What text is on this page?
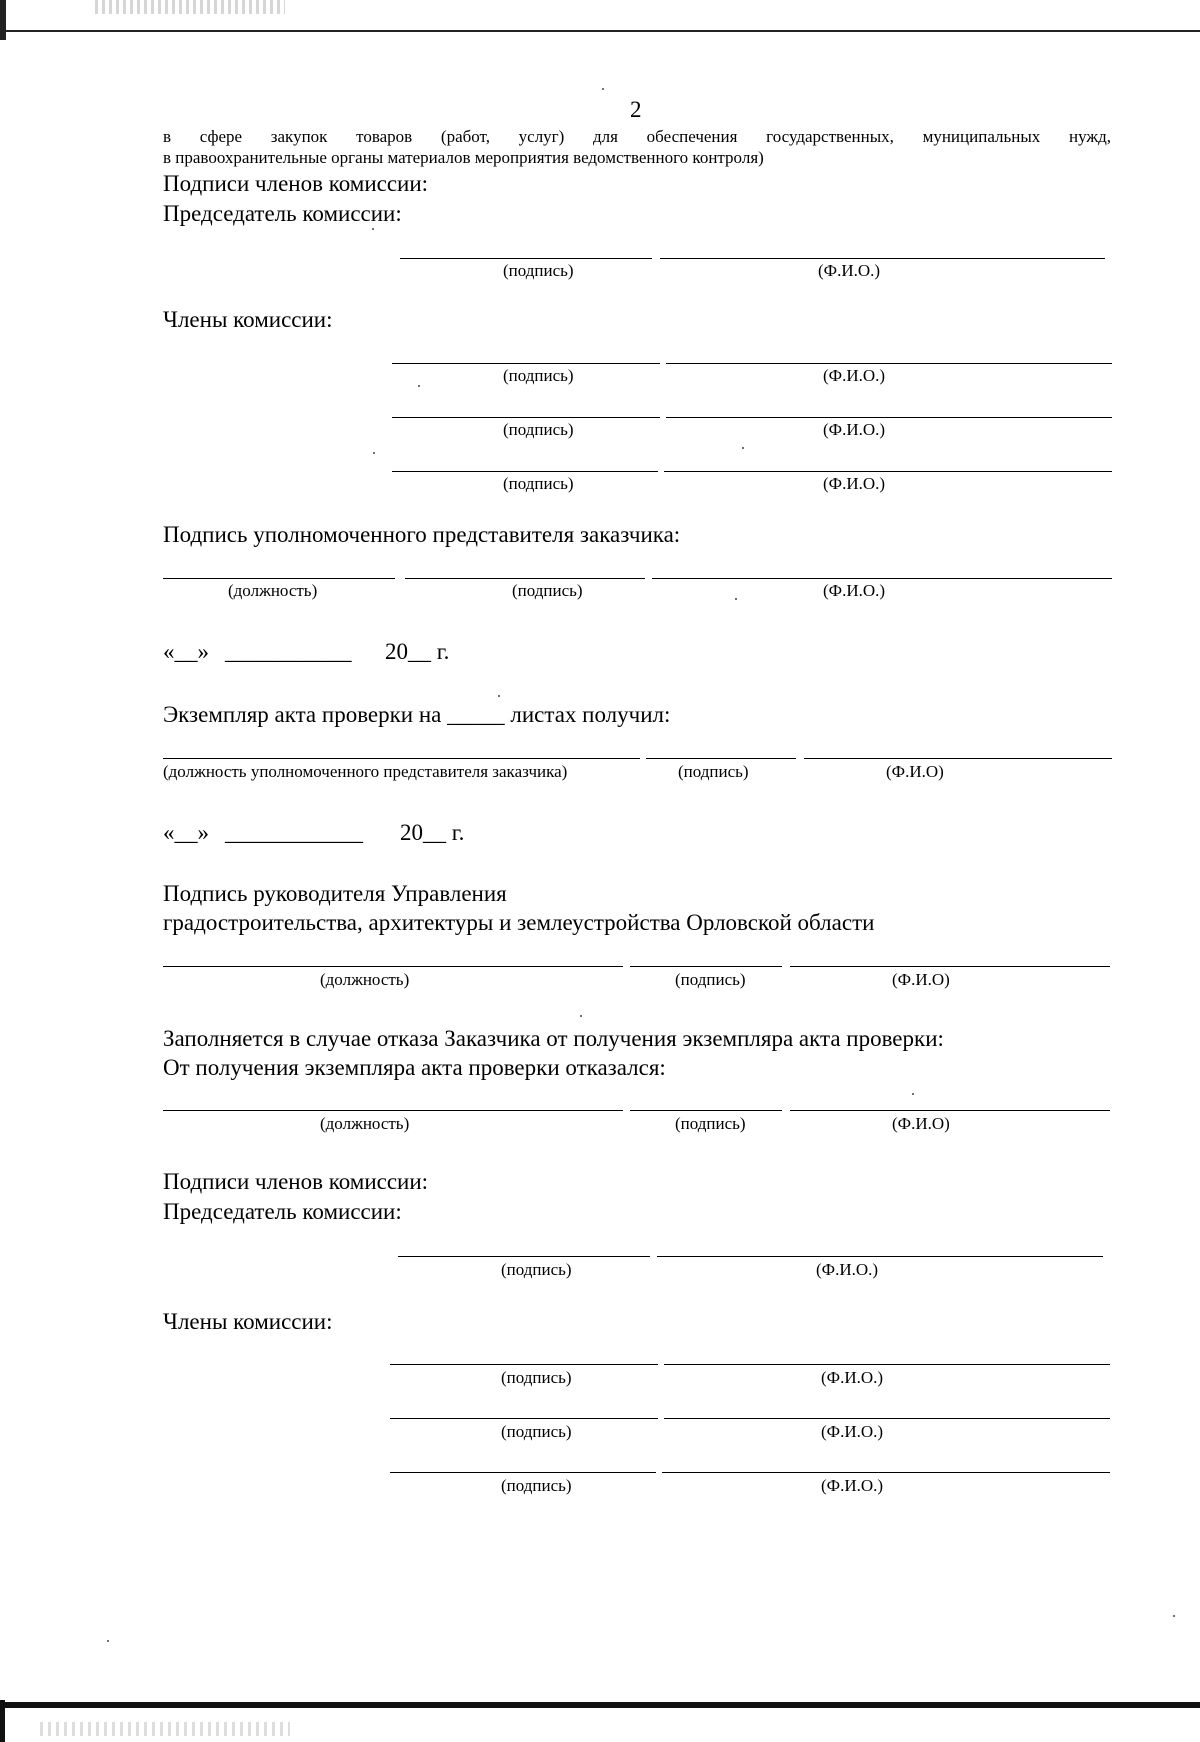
2
в сфере закупок товаров (работ, услуг) для обеспечения государственных, муниципальных нужд,
в правоохранительные органы материалов мероприятия ведомственного контроля)
Подписи членов комиссии:
Председатель комиссии:
(подпись)	(Ф.И.О.)
Члены комиссии:
(подпись)	(Ф.И.О.)
(подпись)	(Ф.И.О.)
(подпись)	(Ф.И.О.)
Подпись уполномоченного представителя заказчика:
(должность)	(подпись)	(Ф.И.О.)
«__» ___________ 20__ г.
Экземпляр акта проверки на _____ листах получил:
(должность уполномоченного представителя заказчика)	(подпись)	(Ф.И.О)
«__» ____________ 20__ г.
Подпись руководителя Управления
градостроительства, архитектуры и землеустройства Орловской области
(должность)	(подпись)	(Ф.И.О)
Заполняется в случае отказа Заказчика от получения экземпляра акта проверки:
От получения экземпляра акта проверки отказался:
(должность)	(подпись)	(Ф.И.О)
Подписи членов комиссии:
Председатель комиссии:
(подпись)	(Ф.И.О.)
Члены комиссии:
(подпись)	(Ф.И.О.)
(подпись)	(Ф.И.О.)
(подпись)	(Ф.И.О.)
